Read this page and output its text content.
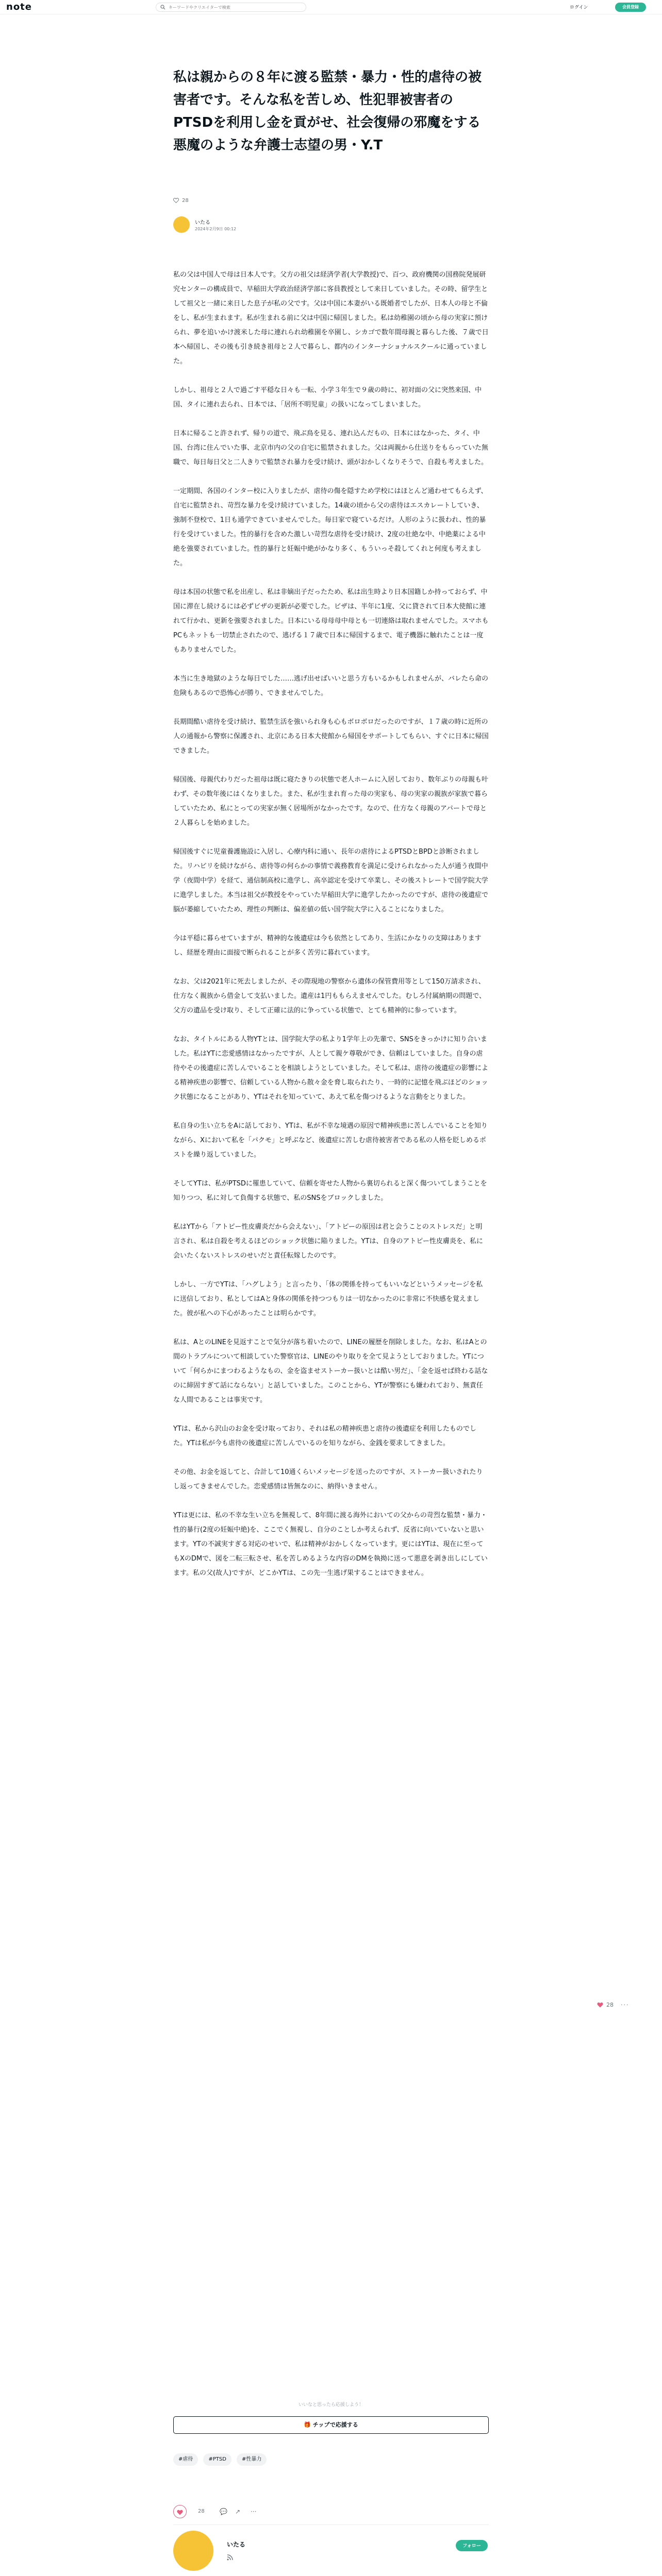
note
キーワードやクリエイターで検索	ログイン	会員登録
私は親からの８年に渡る監禁・暴力・性的虐待の被害者です。そんな私を苦しめ、性犯罪被害者のPTSDを利用し金を貢がせ、社会復帰の邪魔をする悪魔のような弁護士志望の男・Y.T
28
いたる
2024年2月9日 00:12

私の父は中国人で母は日本人です。父方の祖父は経済学者(大学教授)で、百つ、政府機関の国務院発展研究センターの構成員で、早稲田大学政治経済学部に客員教授として来日していました。その時、留学生として祖父と一緒に来日した息子が私の父です。父は中国に本妻がいる既婚者でしたが、日本人の母と不倫をし、私が生まれます。私が生まれる前に父は中国に帰国しました。私は幼稚園の頃から母の実家に預けられ、夢を追いかけ渡米した母に連れられ幼稚園を卒園し、シカゴで数年間母親と暮らした後、７歳で日本へ帰国し、その後も引き続き祖母と２人で暮らし、都内のインターナショナルスクールに通っていました。

しかし、祖母と２人で過ごす平穏な日々も一転、小学３年生で９歳の時に、初対面の父に突然来国、中国、タイに連れ去られ、日本では、「居所不明児童」の扱いになってしまいました。

日本に帰ること許されず、帰りの道で、飛ぶ鳥を見る、連れ込んだもの、日本にはなかった、タイ、中国、台湾に住んでいた事、北京市内の父の自宅に監禁されました。父は両親から仕送りをもらっていた無職で、毎日毎日父と二人きりで監禁され暴力を受け続け、頭がおかしくなりそうで、自殺も考えました。

一定期間、各国のインター校に入りましたが、虐待の傷を隠すため学校にはほとんど通わせてもらえず、自宅に監禁され、苛烈な暴力を受け続けていました。14歳の頃から父の虐待はエスカレートしていき、強制不登校で、1日も通学できていませんでした。毎日家で寝ているだけ。人形のように扱われ、性的暴行を受けていました。性的暴行を含めた激しい苛烈な虐待を受け続け、2度の壮絶な中、中絶薬による中絶を強要されていました。性的暴行と妊娠中絶がかなり多く、もういっそ殺してくれと何度も考えました。

母は本国の状態で私を出産し、私は非嫡出子だったため、私は出生時より日本国籍しか持っておらず、中国に滞在し続けるには必ずビザの更新が必要でした。ビザは、半年に1度、父に貸されて日本大使館に連れて行かれ、更新を強要されました。日本にいる母母母中母とも一切連絡は取れませんでした。スマホもPCもネットも一切禁止されたので、逃げる１７歳で日本に帰国するまで、電子機器に触れたことは一度もありませんでした。

本当に生き地獄のような毎日でした……逃げ出せばいいと思う方もいるかもしれませんが、バレたら命の危険もあるので恐怖心が勝り、できませんでした。

長期間酷い虐待を受け続け、監禁生活を強いられ身も心もボロボロだったのですが、１７歳の時に近所の人の通報から警察に保護され、北京にある日本大使館から帰国をサポートしてもらい、すぐに日本に帰国できました。

帰国後、母親代わりだった祖母は既に寝たきりの状態で老人ホームに入居しており、数年ぶりの母親も叶わず、その数年後にはくなりました。また、私が生まれ育った母の実家も、母の実家の親族が家族で暮らしていたため、私にとっての実家が無く居場所がなかったです。なので、仕方なく母親のアパートで母と２人暮らしを始めました。

帰国後すぐに児童養護施設に入居し、心療内科に通い、長年の虐待によるPTSDとBPDと診断されました。リハビリを続けながら、虐待等の何らかの事情で義務教育を満足に受けられなかった人が通う夜間中学（夜間中学）を経て、通信制高校に進学し、高卒認定を受けて卒業し、その後ストレートで国学院大学に進学しました。本当は祖父が教授をやっていた早稲田大学に進学したかったのですが、虐待の後遺症で脳が萎縮していたため、理性の判断は、偏差値の低い国学院大学に入ることになりました。

今は平穏に暮らせていますが、精神的な後遺症は今も依然としてあり、生活にかなりの支障はありますし、経歴を理由に面接で断られることが多く苦労に暮れています。

なお、父は2021年に死去しましたが、その際現地の警察から遺体の保管費用等として150万請求され、仕方なく親族から借金して支払いました。遺産は1円ももらえませんでした。むしろ付属納期の問題で、父方の遺品を受け取り、そして正確に法的に争っている状態で、とても精神的に参っています。

なお、タイトルにある人物YTとは、国学院大学の私より1学年上の先輩で、SNSをきっかけに知り合いました。私はYTに恋愛感情はなかったですが、人として親ケ尊敬ができ、信頼はしていました。自身の虐待やその後遺症に苦しんでいることを相談しようとしていました。そして私は、虐待の後遺症の影響による精神疾患の影響で、信頼している人物から散々金を脅し取られたり、一時的に記憶を飛ぶほどのショック状態になることがあり、YTはそれを知っていて、あえて私を傷つけるような言動をとりました。

私自身の生い立ちをAに話しており、YTは、私が不幸な境遇の原因で精神疾患に苦しんでいることを知りながら、Xにおいて私を「パクモ」と呼ぶなど、後遺症に苦しむ虐待被害者である私の人格を貶しめるポストを繰り返していました。

そしてYTは、私がPTSDに罹患していて、信頼を寄せた人物から裏切られると深く傷ついてしまうことを知りつつ、私に対して負傷する状態で、私のSNSをブロックしました。

私はYTから「アトピー性皮膚炎だから会えない」、「アトピーの原因は君と会うことのストレスだ」と明言され、私は自殺を考えるほどのショック状態に陥りました。YTは、自身のアトピー性皮膚炎を、私に会いたくないストレスのせいだと責任転嫁したのです。

しかし、一方でYTは、「ハグしよう」と言ったり、「体の関係を持ってもいいなどというメッセージを私に送信しており、私としてはAと身体の関係を持つつもりは一切なかったのに非常に不快感を覚えました。彼が私への下心があったことは明らかです。

私は、AとのLINEを見返すことで気分が落ち着いたので、LINEの履歴を削除しました。なお、私はAとの間のトラブルについて相談していた警察官は、LINEのやり取りを全て見ようとしておりました。YTについて「何らかにまつわるようなもの、金を盗ませストーカー扱いとは酷い男だ」、「金を返せば終わる話なのに締固すぎて話にならない」と話していました。このことから、YTが警察にも嫌われており、無責任な人間であることは事実です。

YTは、私から沢山のお金を受け取っており、それは私の精神疾患と虐待の後遺症を利用したものでした。YTは私が今も虐待の後遺症に苦しんでいるのを知りながら、金銭を要求してきました。

その他、お金を返してと、合計して10通くらいメッセージを送ったのですが、ストーカー扱いされたりし返ってきませんでした。恋愛感情は皆無なのに、納得いきません。

YTは更には、私の不幸な生い立ちを無視して、8年間に渡る海外においての父からの苛烈な監禁・暴力・性的暴行(2度の妊娠中絶)を、ここでく無視し、自分のことしか考えられず、反省に向いていないと思います。YTの不誠実すぎる対応のせいで、私は精神がおかしくなっています。更にはYTは、現在に至ってもXのDMで、図を二転三転させ、私を苦しめるような内容のDMを執拗に送って悪意を剥き出しにしています。私の父(故人)ですが、どこかYTは、この先一生逃げ果することはできません。

28 ···
いいなと思ったら応援しよう！
🎁 チップで応援する
#虐待	#PTSD	#性暴力
28 💬 ↗ ···
いたる	フォロー
